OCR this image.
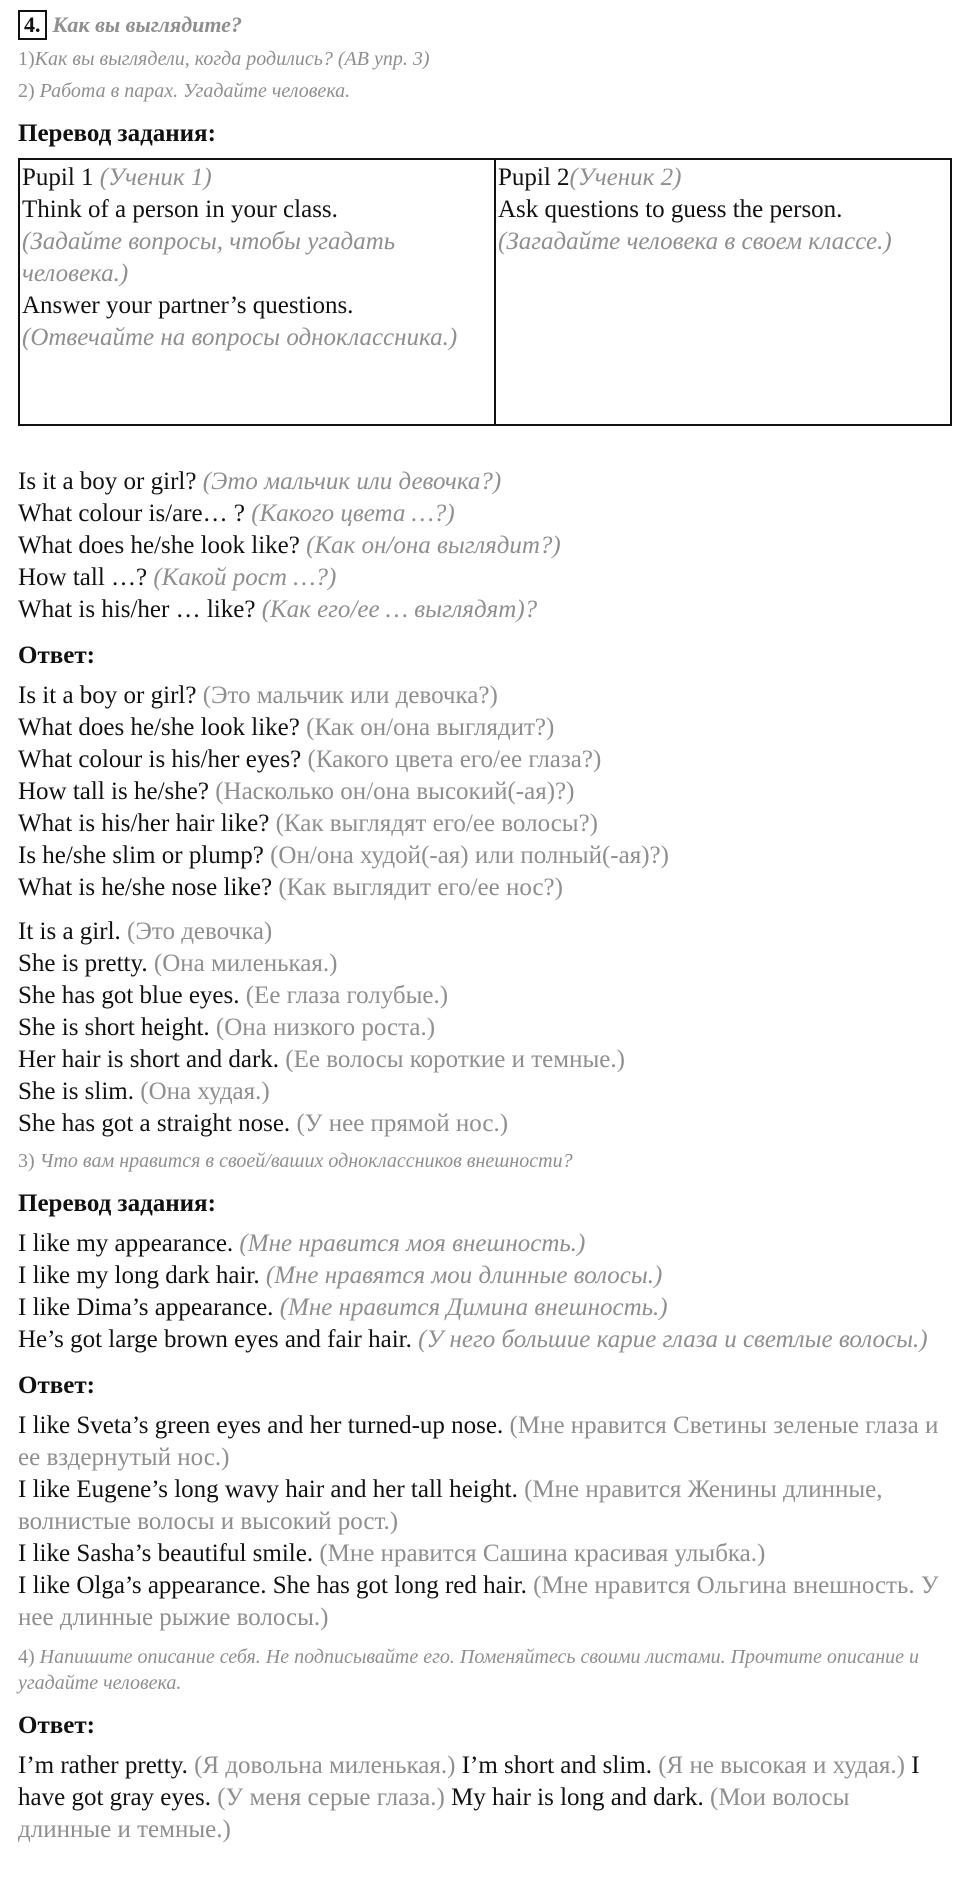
4. Как вы выглядите?
1)Как вы выглядели, когда родились? (АВ упр. 3)
2) Работа в парах. Угадайте человека.
Перевод задания:
Pupil 1 (Ученик 1)
Think of a person in your class.
(Задайте вопросы, чтобы угадать человека.)
Answer your partner’s questions.
(Отвечайте на вопросы одноклассника.)

Pupil 2(Ученик 2)
Ask questions to guess the person.
(Загадайте человека в своем классе.)
Is it a boy or girl? (Это мальчик или девочка?)
What colour is/are… ? (Какого цвета …?)
What does he/she look like? (Как он/она выглядит?)
How tall …? (Какой рост …?)
What is his/her … like? (Как его/ее … выглядят)?
Ответ:
Is it a boy or girl? (Это мальчик или девочка?)
What does he/she look like? (Как он/она выглядит?)
What colour is his/her eyes? (Какого цвета его/ее глаза?)
How tall is he/she? (Насколько он/она высокий(-ая)?)
What is his/her hair like? (Как выглядят его/ее волосы?)
Is he/she slim or plump? (Он/она худой(-ая) или полный(-ая)?)
What is he/she nose like? (Как выглядит его/ее нос?)
It is a girl. (Это девочка)
She is pretty. (Она миленькая.)
She has got blue eyes. (Ее глаза голубые.)
She is short height. (Она низкого роста.)
Her hair is short and dark. (Ее волосы короткие и темные.)
She is slim. (Она худая.)
She has got a straight nose. (У нее прямой нос.)
3) Что вам нравится в своей/ваших одноклассников внешности?
Перевод задания:
I like my appearance. (Мне нравится моя внешность.)
I like my long dark hair. (Мне нравятся мои длинные волосы.)
I like Dima’s appearance. (Мне нравится Димина внешность.)
He’s got large brown eyes and fair hair. (У него большие карие глаза и светлые волосы.)
Ответ:
I like Sveta’s green eyes and her turned-up nose. (Мне нравится Светины зеленые глаза и ее вздернутый нос.)
I like Eugene’s long wavy hair and her tall height. (Мне нравится Женины длинные, волнистые волосы и высокий рост.)
I like Sasha’s beautiful smile. (Мне нравится Сашина красивая улыбка.)
I like Olga’s appearance. She has got long red hair. (Мне нравится Ольгина внешность. У нее длинные рыжие волосы.)
4) Напишите описание себя. Не подписывайте его. Поменяйтесь своими листами. Прочтите описание и угадайте человека.
Ответ:
I’m rather pretty. (Я довольна миленькая.) I’m short and slim. (Я не высокая и худая.) I have got gray eyes. (У меня серые глаза.) My hair is long and dark. (Мои волосы длинные и темные.)
